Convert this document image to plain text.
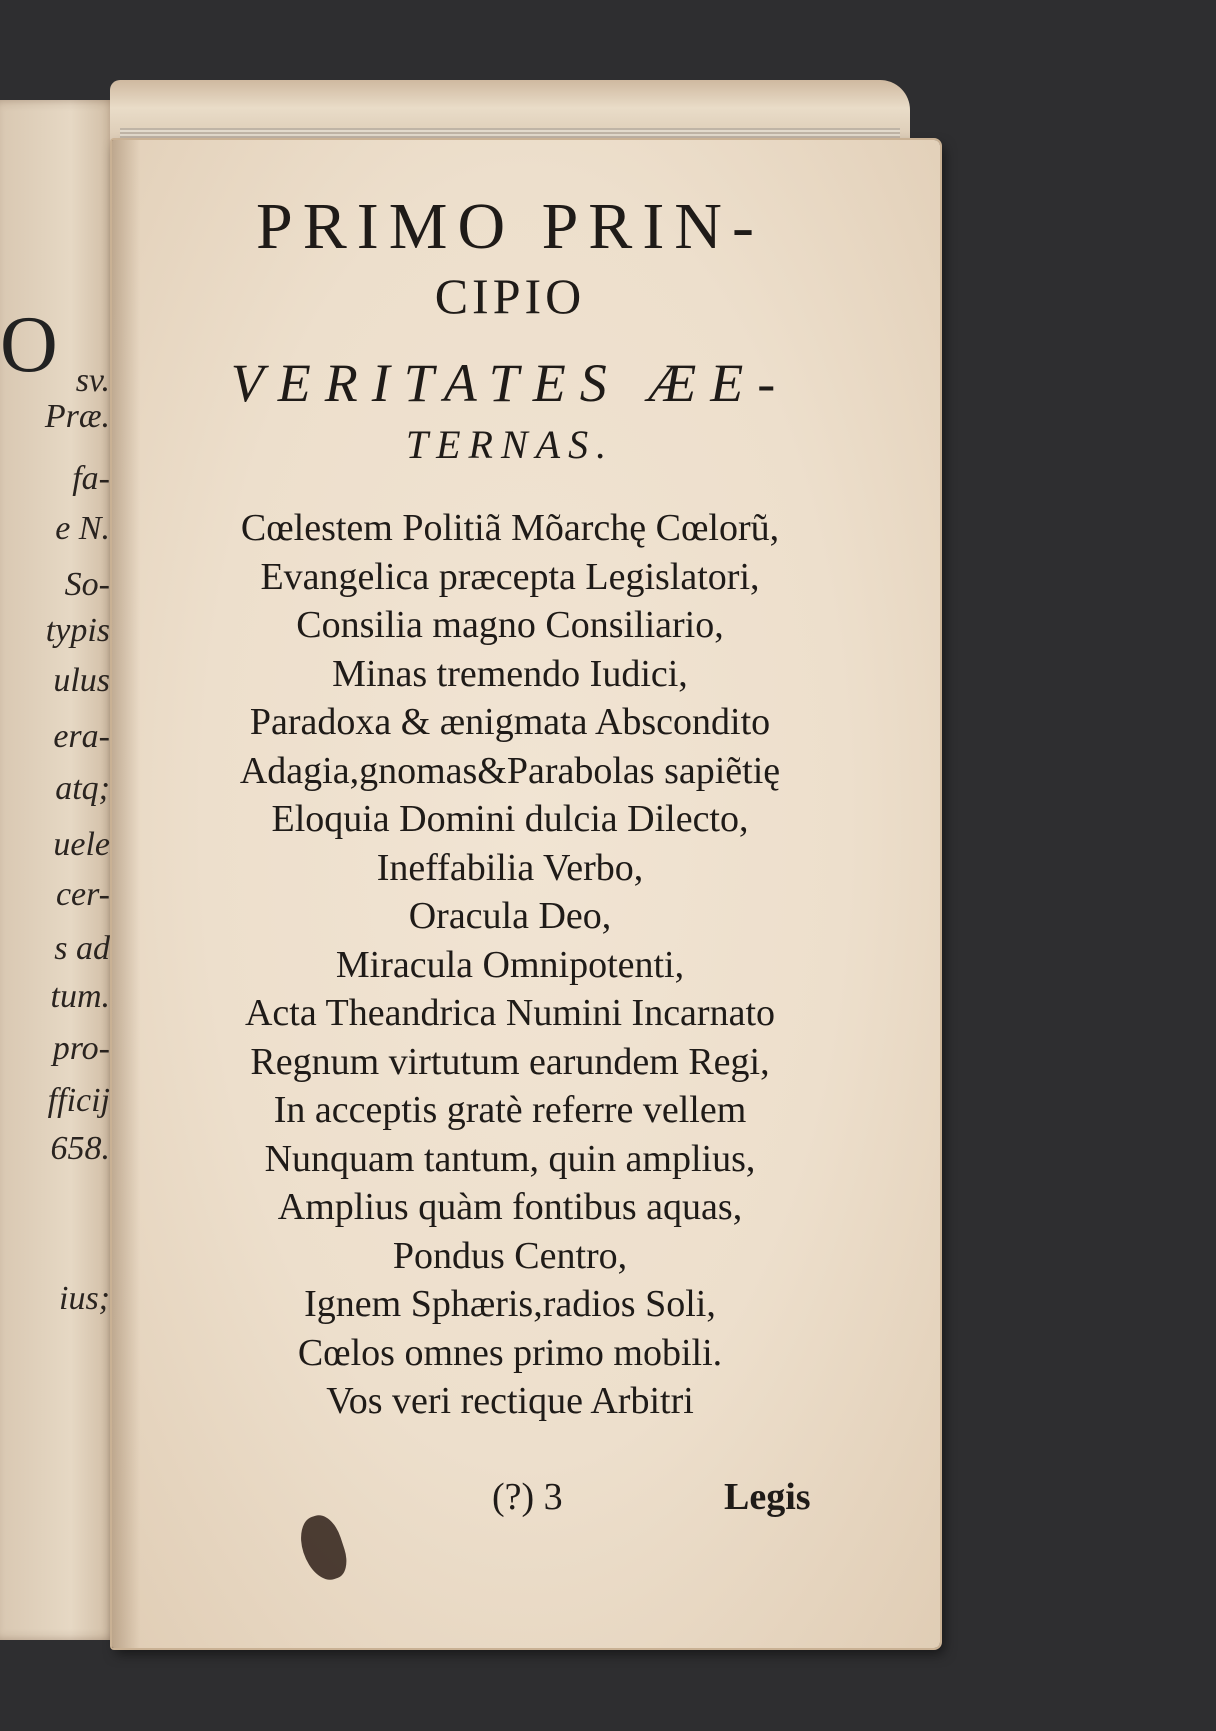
O sv.
Præ.
fa-
e N.
So-
typis
ulus
era-
atq;
uele
cer-
s ad
tum.
pro-
fficij
658.
ius;

PRIMO PRIN-

CIPIO

VERITATES ÆE-

TERNAS.

Cœlestem Politiã Mõarchę Cœlorũ,

Evangelica præcepta Legislatori,

Consilia magno Consiliario,

Minas tremendo Iudici,

Paradoxa & ænigmata Abscondito

Adagia,gnomas&Parabolas sapiẽtię

Eloquia Domini dulcia Dilecto,

Ineffabilia Verbo,

Oracula Deo,

Miracula Omnipotenti,

Acta Theandrica Numini Incarnato

Regnum virtutum earundem Regi,

In acceptis gratè referre vellem

Nunquam tantum, quin amplius,

Amplius quàm fontibus aquas,

Pondus Centro,

Ignem Sphæris,radios Soli,

Cœlos omnes primo mobili.

Vos veri rectique Arbitri

(?) 3	Legis
